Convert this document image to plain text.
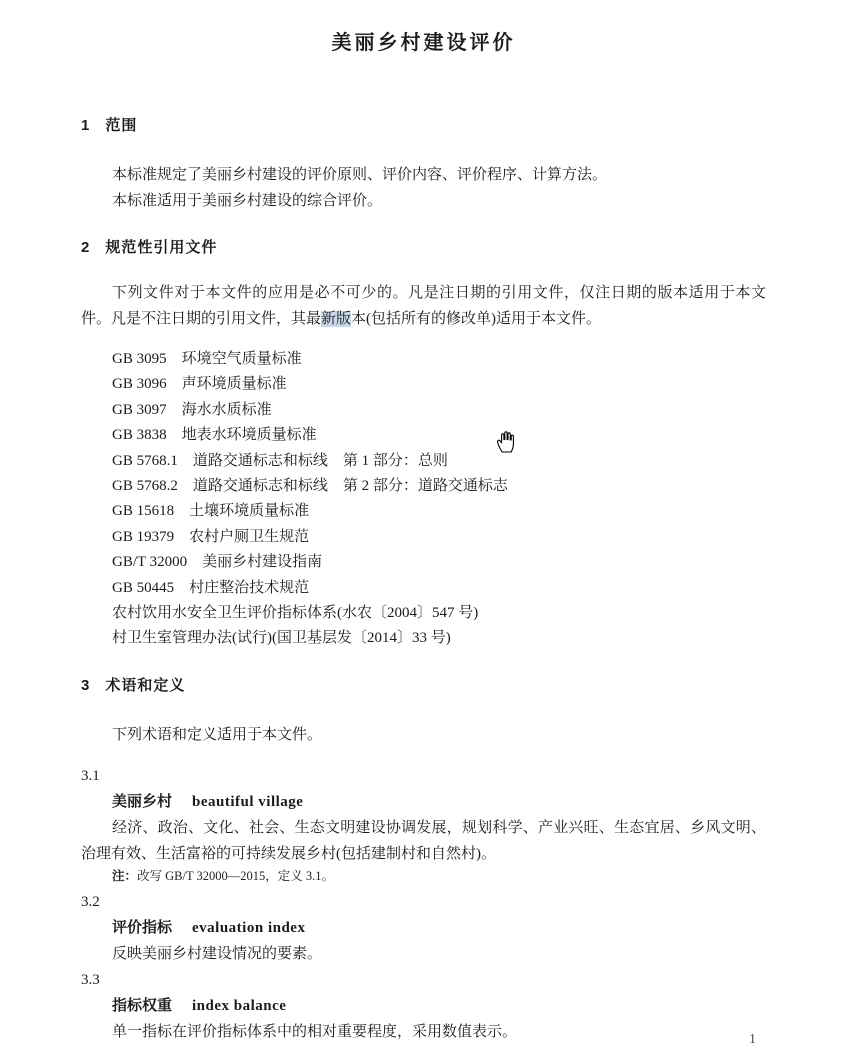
美丽乡村建设评价
1 范围

本标准规定了美丽乡村建设的评价原则、评价内容、评价程序、计算方法。

本标准适用于美丽乡村建设的综合评价。

2 规范性引用文件

下列文件对于本文件的应用是必不可少的。凡是注日期的引用文件，仅注日期的版本适用于本文件。凡是不注日期的引用文件，其最新版本(包括所有的修改单)适用于本文件。

GB 3095　环境空气质量标准
GB 3096　声环境质量标准
GB 3097　海水水质标准
GB 3838　地表水环境质量标准
GB 5768.1　道路交通标志和标线　第 1 部分：总则
GB 5768.2　道路交通标志和标线　第 2 部分：道路交通标志
GB 15618　土壤环境质量标准
GB 19379　农村户厕卫生规范
GB/T 32000　美丽乡村建设指南
GB 50445　村庄整治技术规范
农村饮用水安全卫生评价指标体系(水农〔2004〕547 号)
村卫生室管理办法(试行)(国卫基层发〔2014〕33 号)
3 术语和定义

下列术语和定义适用于本文件。

3.1
美丽乡村 beautiful village

经济、政治、文化、社会、生态文明建设协调发展，规划科学、产业兴旺、生态宜居、乡风文明、治理有效、生活富裕的可持续发展乡村(包括建制村和自然村)。

注：改写 GB/T 32000—2015，定义 3.1。
3.2
评价指标 evaluation index

反映美丽乡村建设情况的要素。

3.3
指标权重 index balance

单一指标在评价指标体系中的相对重要程度，采用数值表示。	1
